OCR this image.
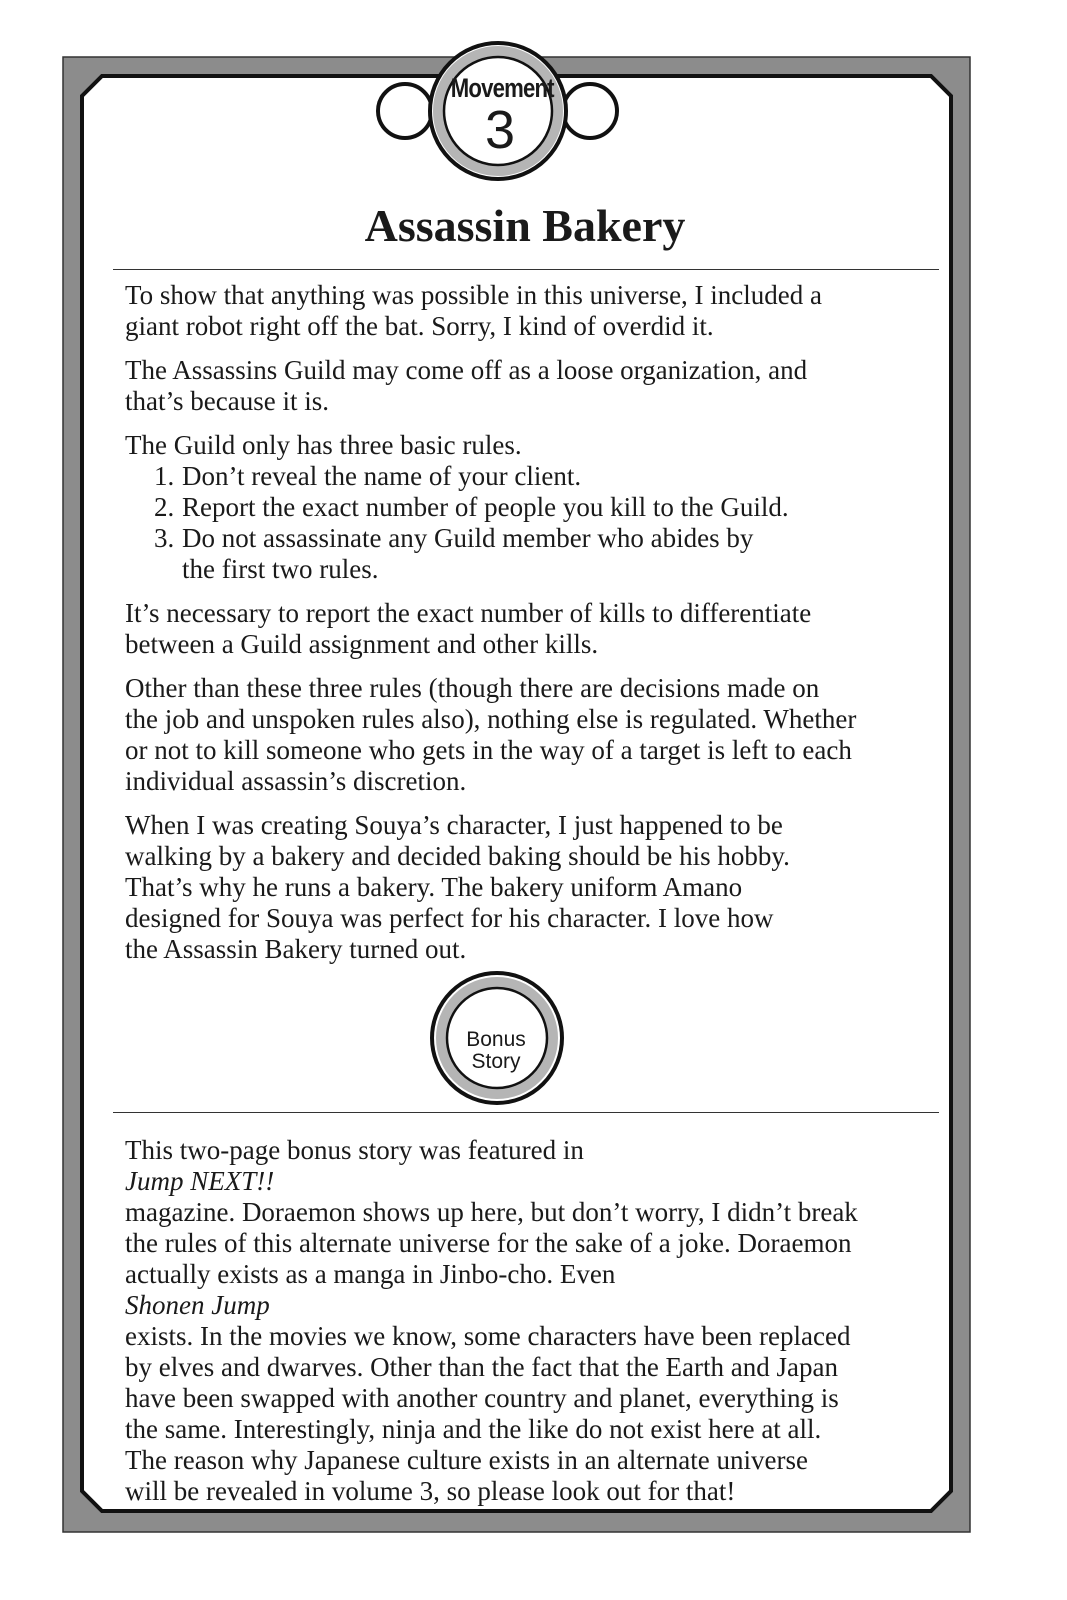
Movement
3
Assassin Bakery

To show that anything was possible in this universe, I included a
giant robot right off the bat. Sorry, I kind of overdid it.

The Assassins Guild may come off as a loose organization, and
that’s because it is.

The Guild only has three basic rules.

1. Don’t reveal the name of your client.
2. Report the exact number of people you kill to the Guild.
3. Do not assassinate any Guild member who abides by
the first two rules.

It’s necessary to report the exact number of kills to differentiate
between a Guild assignment and other kills.

Other than these three rules (though there are decisions made on
the job and unspoken rules also), nothing else is regulated. Whether
or not to kill someone who gets in the way of a target is left to each
individual assassin’s discretion.

When I was creating Souya’s character, I just happened to be
walking by a bakery and decided baking should be his hobby.
That’s why he runs a bakery. The bakery uniform Amano
designed for Souya was perfect for his character. I love how
the Assassin Bakery turned out.

Bonus
Story
This two-page bonus story was featured in
Jump NEXT!!
magazine. Doraemon shows up here, but don’t worry, I didn’t break
the rules of this alternate universe for the sake of a joke. Doraemon
actually exists as a manga in Jinbo-cho. Even
Shonen Jump
exists. In the movies we know, some characters have been replaced
by elves and dwarves. Other than the fact that the Earth and Japan
have been swapped with another country and planet, everything is
the same. Interestingly, ninja and the like do not exist here at all.
The reason why Japanese culture exists in an alternate universe
will be revealed in volume 3, so please look out for that!
